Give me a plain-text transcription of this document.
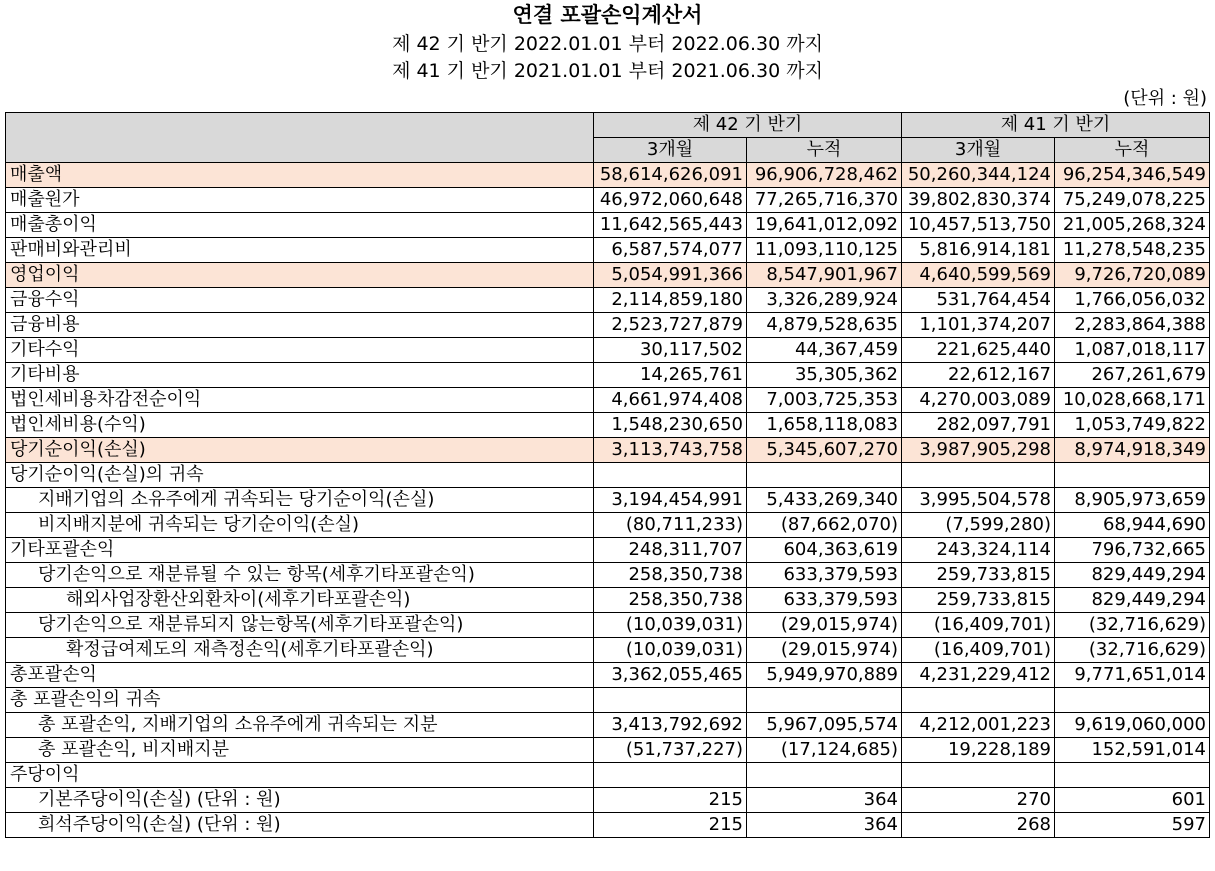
연결 포괄손익계산서
제 42 기 반기 2022.01.01 부터 2022.06.30 까지
제 41 기 반기 2021.01.01 부터 2021.06.30 까지
(단위 : 원)
	제 42 기 반기		제 41 기 반기	
	3개월	누적	3개월	누적
매출액	58,614,626,091	96,906,728,462	50,260,344,124	96,254,346,549
매출원가	46,972,060,648	77,265,716,370	39,802,830,374	75,249,078,225
매출총이익	11,642,565,443	19,641,012,092	10,457,513,750	21,005,268,324
판매비와관리비	6,587,574,077	11,093,110,125	5,816,914,181	11,278,548,235
영업이익	5,054,991,366	8,547,901,967	4,640,599,569	9,726,720,089
금융수익	2,114,859,180	3,326,289,924	531,764,454	1,766,056,032
금융비용	2,523,727,879	4,879,528,635	1,101,374,207	2,283,864,388
기타수익	30,117,502	44,367,459	221,625,440	1,087,018,117
기타비용	14,265,761	35,305,362	22,612,167	267,261,679
법인세비용차감전순이익	4,661,974,408	7,003,725,353	4,270,003,089	10,028,668,171
법인세비용(수익)	1,548,230,650	1,658,118,083	282,097,791	1,053,749,822
당기순이익(손실)	3,113,743,758	5,345,607,270	3,987,905,298	8,974,918,349
당기순이익(손실)의 귀속				
지배기업의 소유주에게 귀속되는 당기순이익(손실)	3,194,454,991	5,433,269,340	3,995,504,578	8,905,973,659
비지배지분에 귀속되는 당기순이익(손실)	(80,711,233)	(87,662,070)	(7,599,280)	68,944,690
기타포괄손익	248,311,707	604,363,619	243,324,114	796,732,665
당기손익으로 재분류될 수 있는 항목(세후기타포괄손익)	258,350,738	633,379,593	259,733,815	829,449,294
해외사업장환산외환차이(세후기타포괄손익)	258,350,738	633,379,593	259,733,815	829,449,294
당기손익으로 재분류되지 않는항목(세후기타포괄손익)	(10,039,031)	(29,015,974)	(16,409,701)	(32,716,629)
확정급여제도의 재측정손익(세후기타포괄손익)	(10,039,031)	(29,015,974)	(16,409,701)	(32,716,629)
총포괄손익	3,362,055,465	5,949,970,889	4,231,229,412	9,771,651,014
총 포괄손익의 귀속				
총 포괄손익, 지배기업의 소유주에게 귀속되는 지분	3,413,792,692	5,967,095,574	4,212,001,223	9,619,060,000
총 포괄손익, 비지배지분	(51,737,227)	(17,124,685)	19,228,189	152,591,014
주당이익				
기본주당이익(손실) (단위 : 원)	215	364	270	601
희석주당이익(손실) (단위 : 원)	215	364	268	597
